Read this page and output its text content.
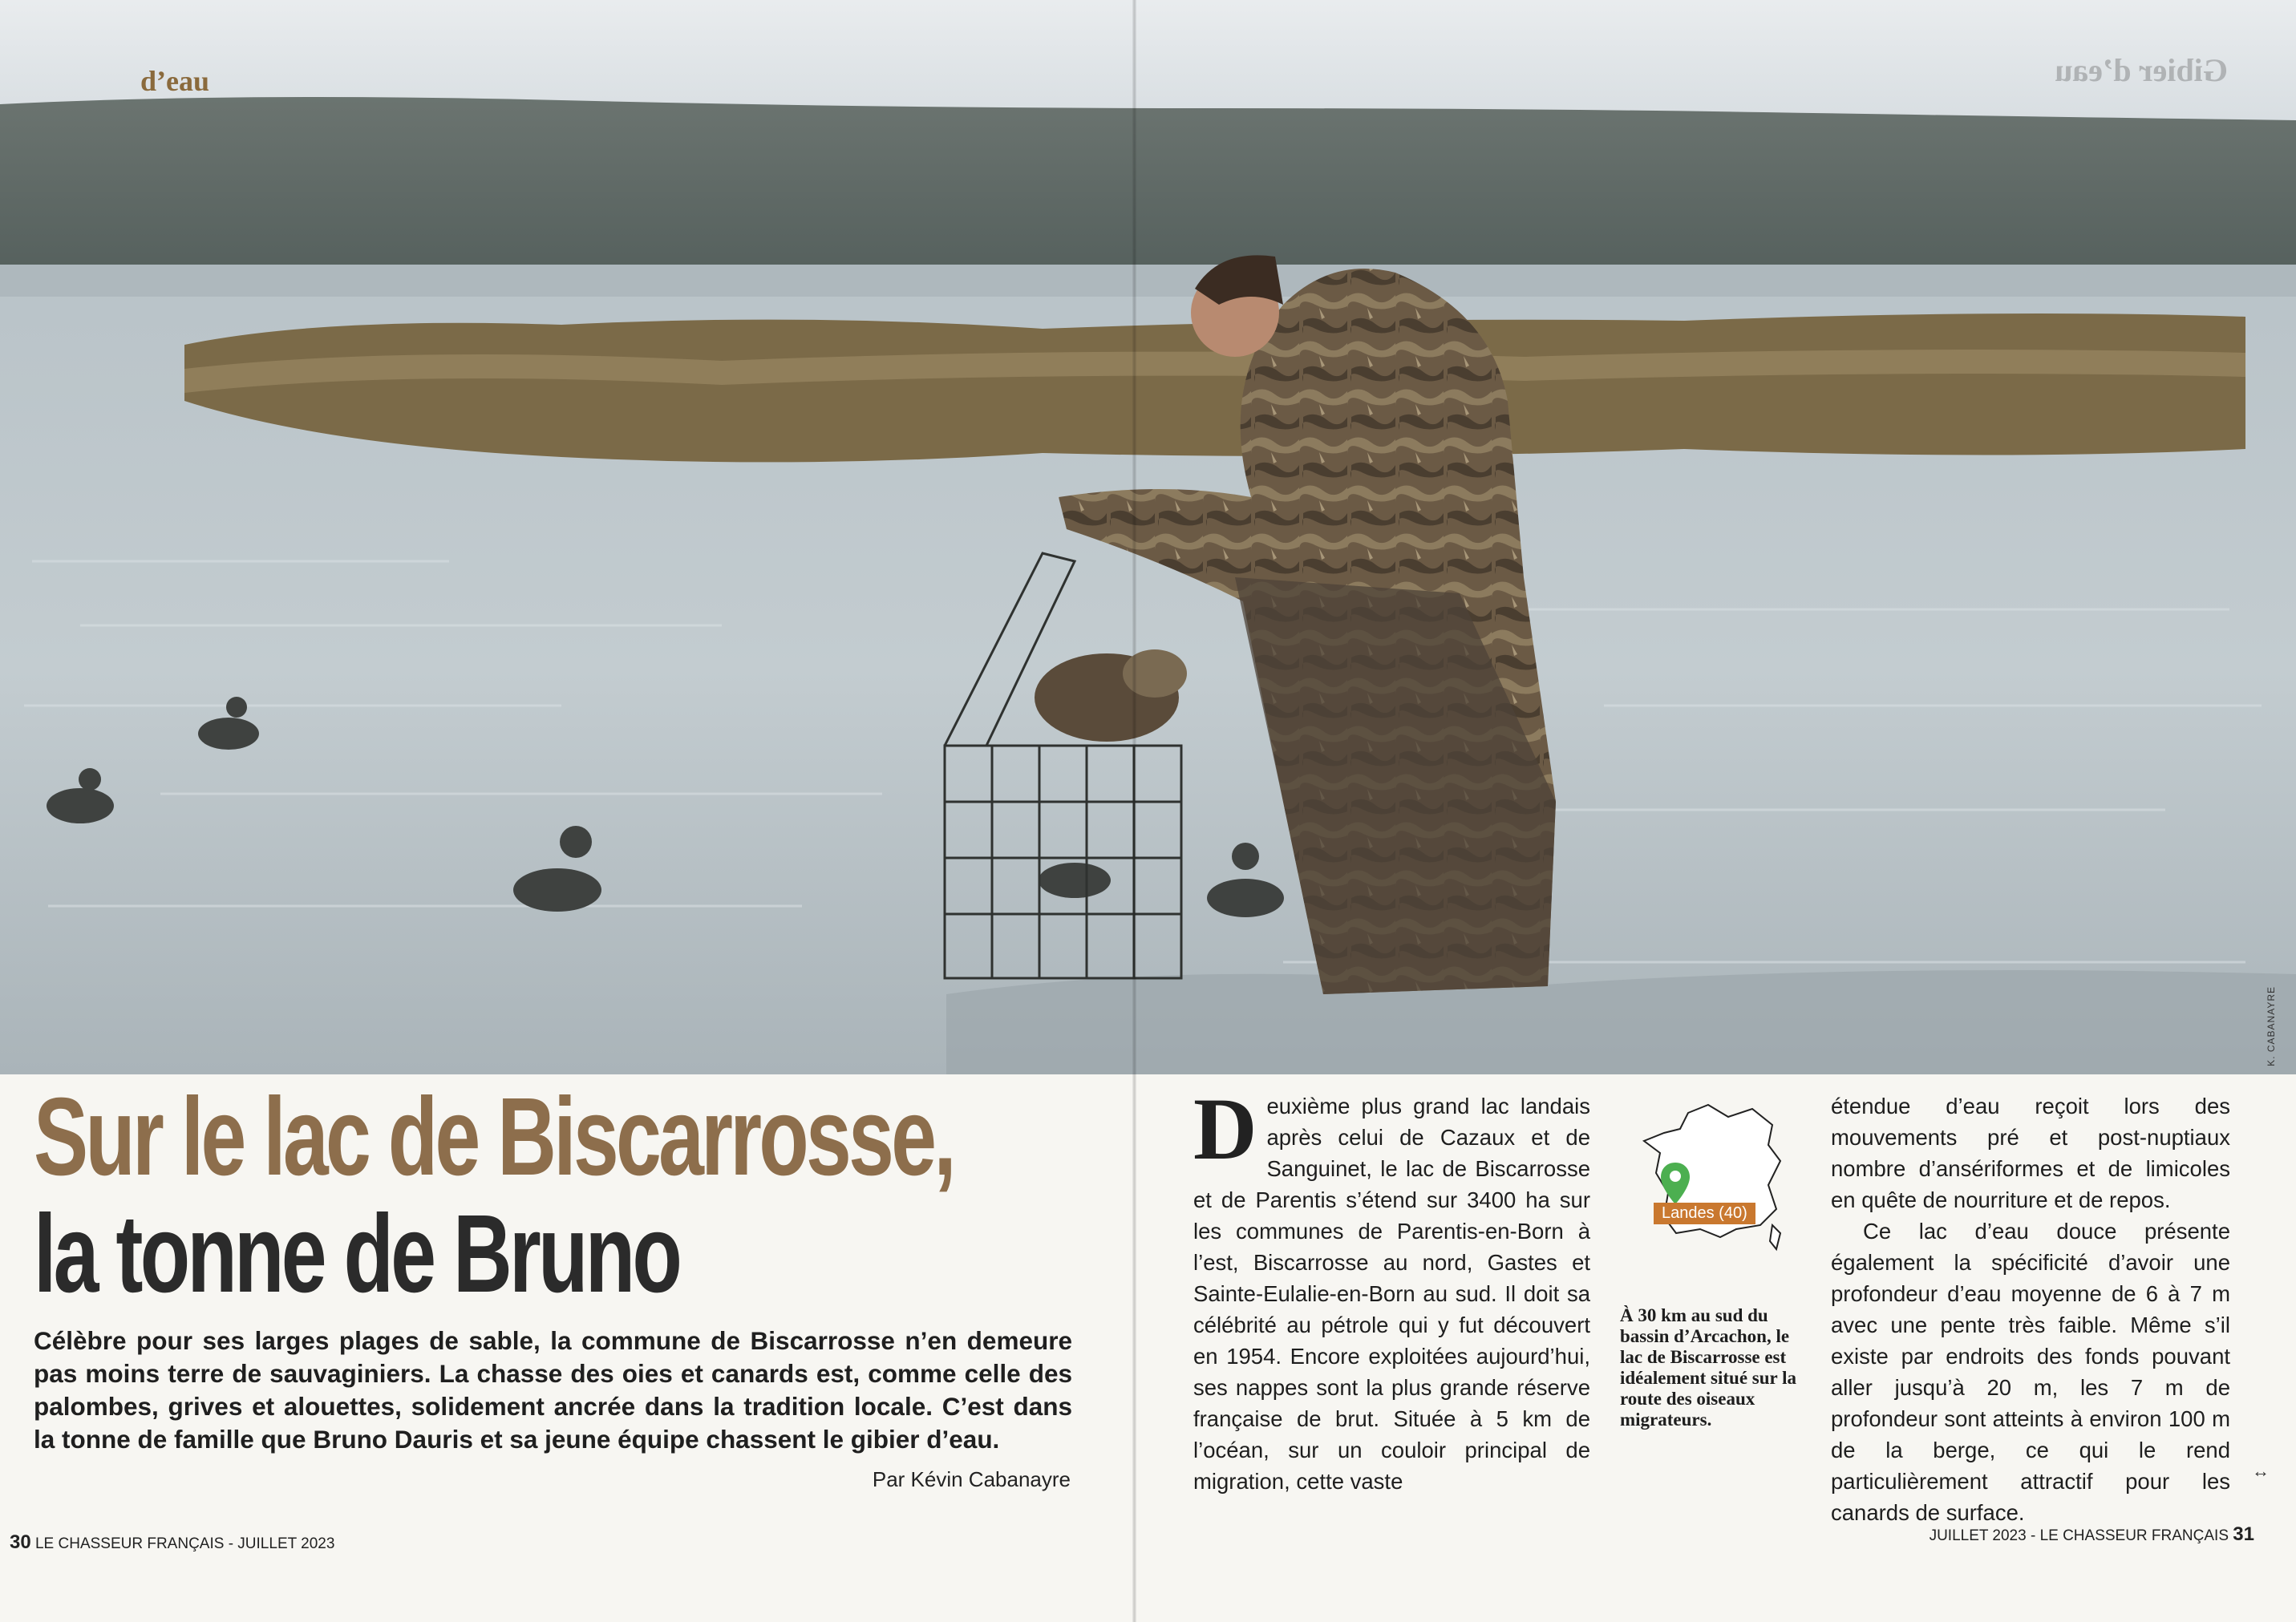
d’eau	Gibier d’eau
K. CABANAYRE
Sur le lac de Biscarrosse,
la tonne de Bruno

Célèbre pour ses larges plages de sable, la commune de Biscarrosse n’en demeure pas moins terre de sauvaginiers. La chasse des oies et canards est, comme celle des palombes, grives et alouettes, solidement ancrée dans la tradition locale. C’est dans la tonne de famille que Bruno Dauris et sa jeune équipe chassent le gibier d’eau.

Par Kévin Cabanayre
30 LE CHASSEUR FRANÇAIS - JUILLET 2023
Deuxième plus grand lac landais après celui de Cazaux et de Sanguinet, le lac de Biscarrosse et de Parentis s’étend sur 3400 ha sur les communes de Parentis-en-Born à l’est, Biscarrosse au nord, Gastes et Sainte-Eulalie-en-Born au sud. Il doit sa célébrité au pétrole qui y fut découvert en 1954. Encore exploitées aujourd’hui, ses nappes sont la plus grande réserve française de brut. Située à 5 km de l’océan, sur un couloir principal de migration, cette vaste
Landes (40)
À 30 km au sud du bassin d’Arcachon, le lac de Biscarrosse est idéalement situé sur la route des oiseaux migrateurs.

étendue d’eau reçoit lors des mouvements pré et post-nuptiaux nombre d’ansériformes et de limicoles en quête de nourriture et de repos.

Ce lac d’eau douce présente également la spécificité d’avoir une profondeur d’eau moyenne de 6 à 7 m avec une pente très faible. Même s’il existe par endroits des fonds pouvant aller jusqu’à 20 m, les 7 m de profondeur sont atteints à environ 100 m de la berge, ce qui le rend particulièrement attractif pour les canards de surface.

↔
JUILLET 2023 - LE CHASSEUR FRANÇAIS 31
